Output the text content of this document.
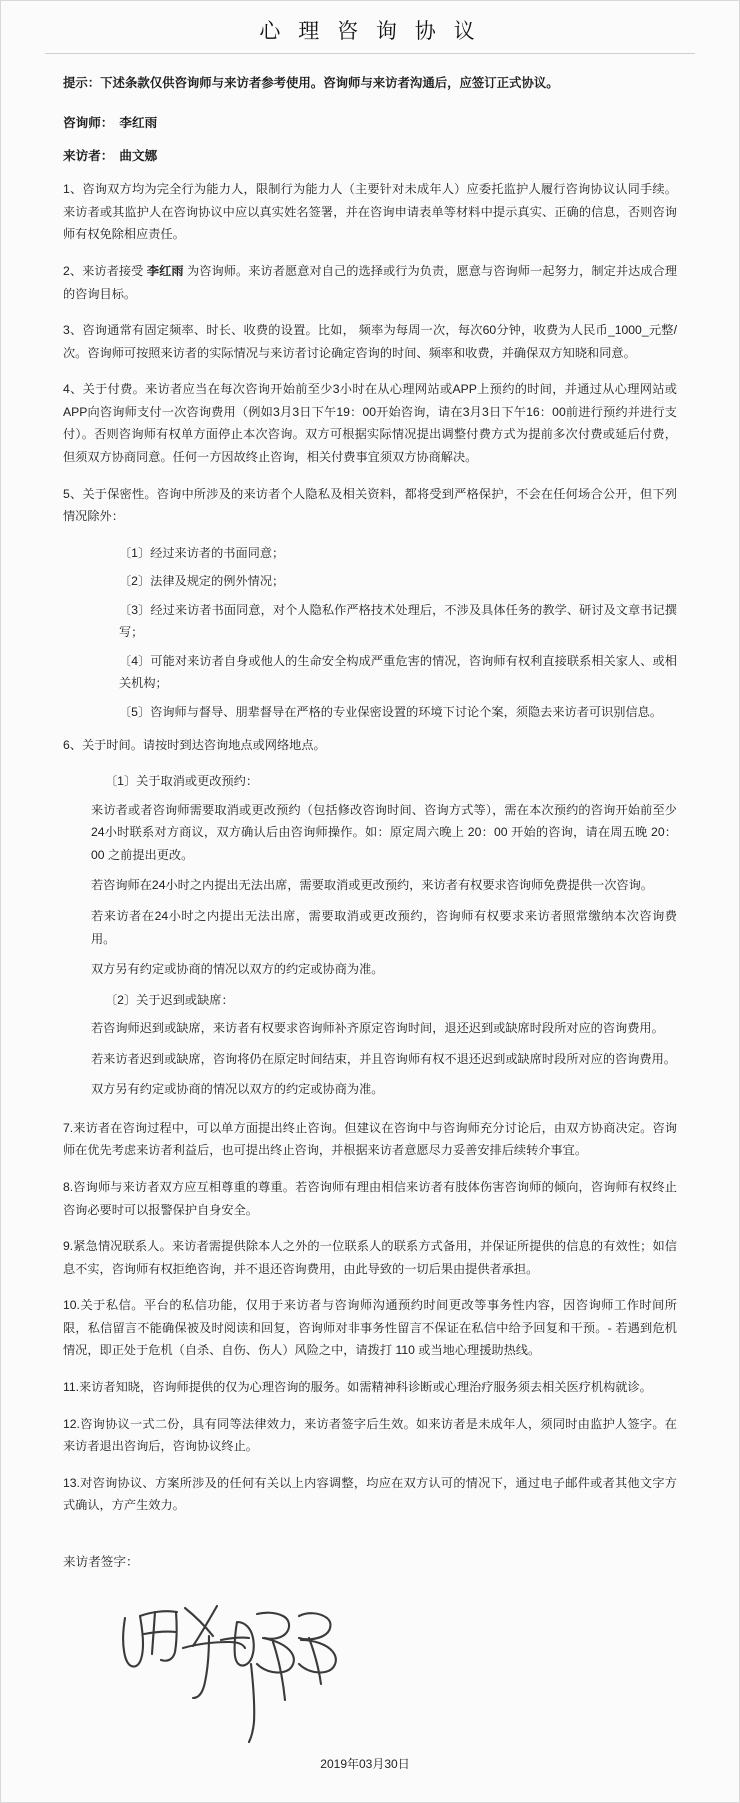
心 理 咨 询 协 议

提示：下述条款仅供咨询师与来访者参考使用。咨询师与来访者沟通后，应签订正式协议。

咨询师： 李红雨
来访者： 曲文娜

1、咨询双方均为完全行为能力人，限制行为能力人（主要针对未成年人）应委托监护人履行咨询协议认同手续。来访者或其监护人在咨询协议中应以真实姓名签署，并在咨询申请表单等材料中提示真实、正确的信息，否则咨询师有权免除相应责任。

2、来访者接受 李红雨 为咨询师。来访者愿意对自己的选择或行为负责，愿意与咨询师一起努力，制定并达成合理的咨询目标。

3、咨询通常有固定频率、时长、收费的设置。比如， 频率为每周一次，每次60分钟，收费为人民币_1000_元整/次。咨询师可按照来访者的实际情况与来访者讨论确定咨询的时间、频率和收费，并确保双方知晓和同意。

4、关于付费。来访者应当在每次咨询开始前至少3小时在从心理网站或APP上预约的时间，并通过从心理网站或APP向咨询师支付一次咨询费用（例如3月3日下午19：00开始咨询，请在3月3日下午16：00前进行预约并进行支付）。否则咨询师有权单方面停止本次咨询。双方可根据实际情况提出调整付费方式为提前多次付费或延后付费，但须双方协商同意。任何一方因故终止咨询，相关付费事宜须双方协商解决。

5、关于保密性。咨询中所涉及的来访者个人隐私及相关资料，都将受到严格保护，不会在任何场合公开，但下列情况除外：

〔1〕经过来访者的书面同意；

〔2〕法律及规定的例外情况；

〔3〕经过来访者书面同意，对个人隐私作严格技术处理后，不涉及具体任务的教学、研讨及文章书记撰写；

〔4〕可能对来访者自身或他人的生命安全构成严重危害的情况，咨询师有权利直接联系相关家人、或相关机构；

〔5〕咨询师与督导、朋辈督导在严格的专业保密设置的环境下讨论个案，须隐去来访者可识别信息。

6、关于时间。请按时到达咨询地点或网络地点。

〔1〕关于取消或更改预约：

来访者或者咨询师需要取消或更改预约（包括修改咨询时间、咨询方式等），需在本次预约的咨询开始前至少24小时联系对方商议，双方确认后由咨询师操作。如：原定周六晚上 20：00 开始的咨询，请在周五晚 20：00 之前提出更改。

若咨询师在24小时之内提出无法出席，需要取消或更改预约，来访者有权要求咨询师免费提供一次咨询。

若来访者在24小时之内提出无法出席，需要取消或更改预约，咨询师有权要求来访者照常缴纳本次咨询费用。

双方另有约定或协商的情况以双方的约定或协商为准。

〔2〕关于迟到或缺席：

若咨询师迟到或缺席，来访者有权要求咨询师补齐原定咨询时间，退还迟到或缺席时段所对应的咨询费用。

若来访者迟到或缺席，咨询将仍在原定时间结束，并且咨询师有权不退还迟到或缺席时段所对应的咨询费用。

双方另有约定或协商的情况以双方的约定或协商为准。

7.来访者在咨询过程中，可以单方面提出终止咨询。但建议在咨询中与咨询师充分讨论后，由双方协商决定。咨询师在优先考虑来访者利益后，也可提出终止咨询，并根据来访者意愿尽力妥善安排后续转介事宜。

8.咨询师与来访者双方应互相尊重的尊重。若咨询师有理由相信来访者有肢体伤害咨询师的倾向，咨询师有权终止咨询必要时可以报警保护自身安全。

9.紧急情况联系人。来访者需提供除本人之外的一位联系人的联系方式备用，并保证所提供的信息的有效性；如信息不实，咨询师有权拒绝咨询，并不退还咨询费用，由此导致的一切后果由提供者承担。

10.关于私信。平台的私信功能，仅用于来访者与咨询师沟通预约时间更改等事务性内容，因咨询师工作时间所限，私信留言不能确保被及时阅读和回复，咨询师对非事务性留言不保证在私信中给予回复和干预。- 若遇到危机情况，即正处于危机（自杀、自伤、伤人）风险之中，请拨打 110 或当地心理援助热线。

11.来访者知晓，咨询师提供的仅为心理咨询的服务。如需精神科诊断或心理治疗服务须去相关医疗机构就诊。

12.咨询协议一式二份，具有同等法律效力，来访者签字后生效。如来访者是未成年人，须同时由监护人签字。在来访者退出咨询后，咨询协议终止。

13.对咨询协议、方案所涉及的任何有关以上内容调整，均应在双方认可的情况下，通过电子邮件或者其他文字方式确认，方产生效力。

来访者签字：

2019年03月30日
